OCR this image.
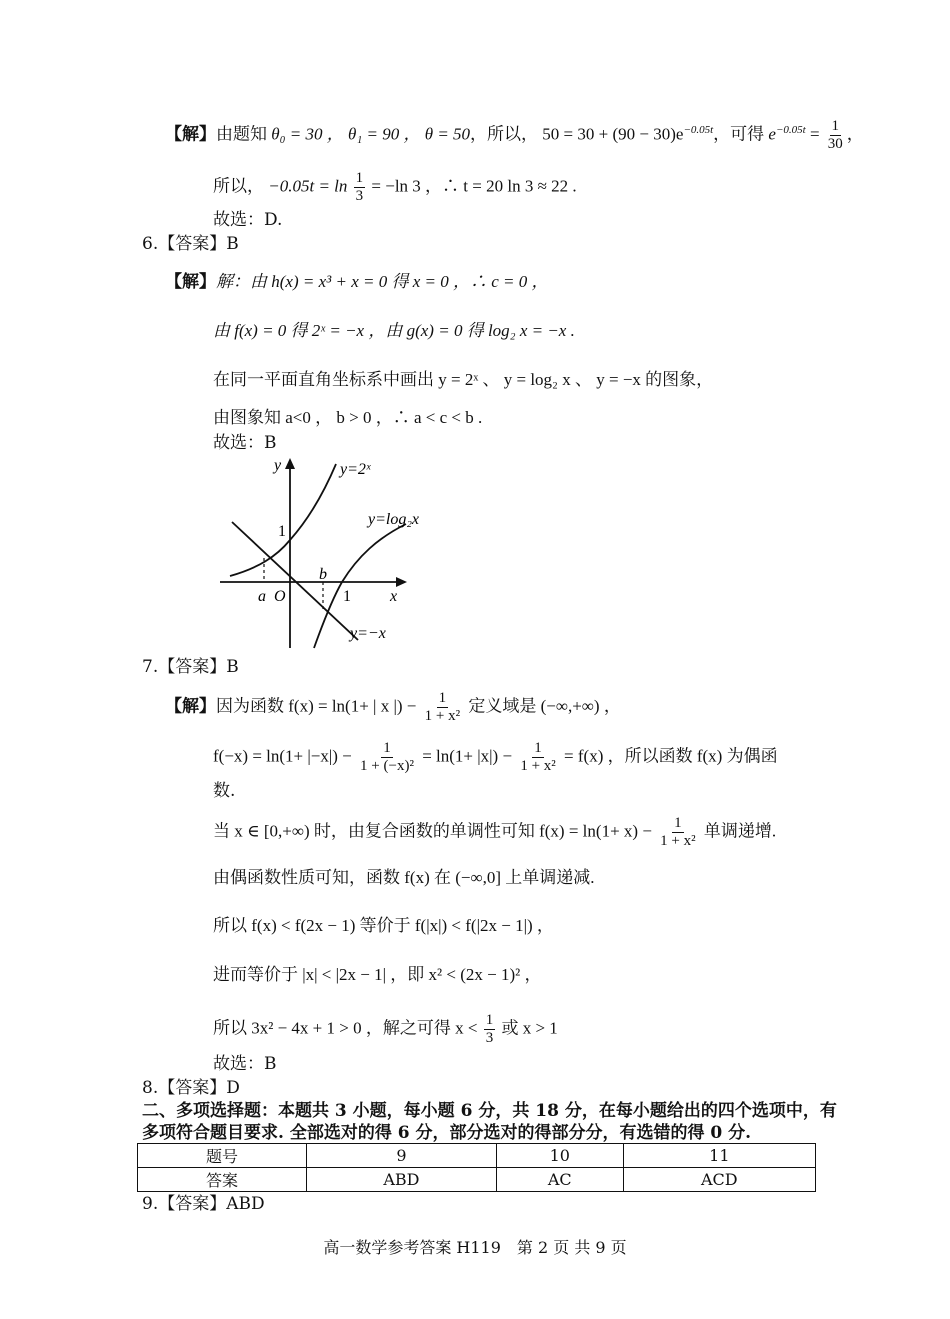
【解】由题知 θ₀ = 30 ， θ₁ = 90 ， θ = 50，所以， $50 = 30 + (90 - 30)e^{-0.05t}$，可得 $e^{-0.05t} = \frac{1}{30}$ ，
所以， $-0.05t = \ln \frac{1}{3} = -\ln$ 3 ，∴ t = 20 ln 3 ≈ 22 .
故选：D.
6.【答案】B
【解】解：由 h(x) = x³ + x = 0 得 x = 0 ，∴ c = 0 ，
由 f(x) = 0 得 2ˣ = −x ，由 g(x) = 0 得 log₂ x = −x .
在同一平面直角坐标系中画出 y = 2ˣ 、 y = log₂ x 、 y = −x 的图象，
由图象知 a<0 ， b > 0 ，∴ a < c < b .
故选：B
y
x
O
a
b
1
1
y=2ˣ
y=log₂x
y=−x
7.【答案】B
【解】因为函数 f(x) = ln(1+ | x |) − $\frac{1}{\text{1 + x²}}$ 定义域是 (−∞,+∞) ，
$f(-x) = \ln(1+ |-x|) - \frac{1}{\text{1 + (−x)²}} = \ln(1+ |x|) - \frac{1}{\text{1 + x²}} = f(x)$ ，所以函数 f(x) 为偶函
数.
当 x ∈ [0,+∞) 时，由复合函数的单调性可知 $f(x) = \ln(1+ x) - \frac{1}{\text{1 + x²}}$ 单调递增.
由偶函数性质可知，函数 f(x) 在 (−∞,0] 上单调递减.
所以 f(x) < f(2x − 1) 等价于 f(|x|) < f(|2x − 1|) ，
进而等价于 |x| < |2x − 1| ，即 x² < (2x − 1)² ，
所以 3x² − 4x + 1 > 0 ，解之可得 $x < \frac{1}{3}$ 或 x > 1
故选：B
8.【答案】D
二、多项选择题：本题共 3 小题，每小题 6 分，共 18 分，在每小题给出的四个选项中，有
多项符合题目要求. 全部选对的得 6 分，部分选对的得部分分，有选错的得 0 分.
题号	9	10	11
答案	ABD	AC	ACD
9.【答案】ABD
高一数学参考答案 H119　第 2 页 共 9 页
